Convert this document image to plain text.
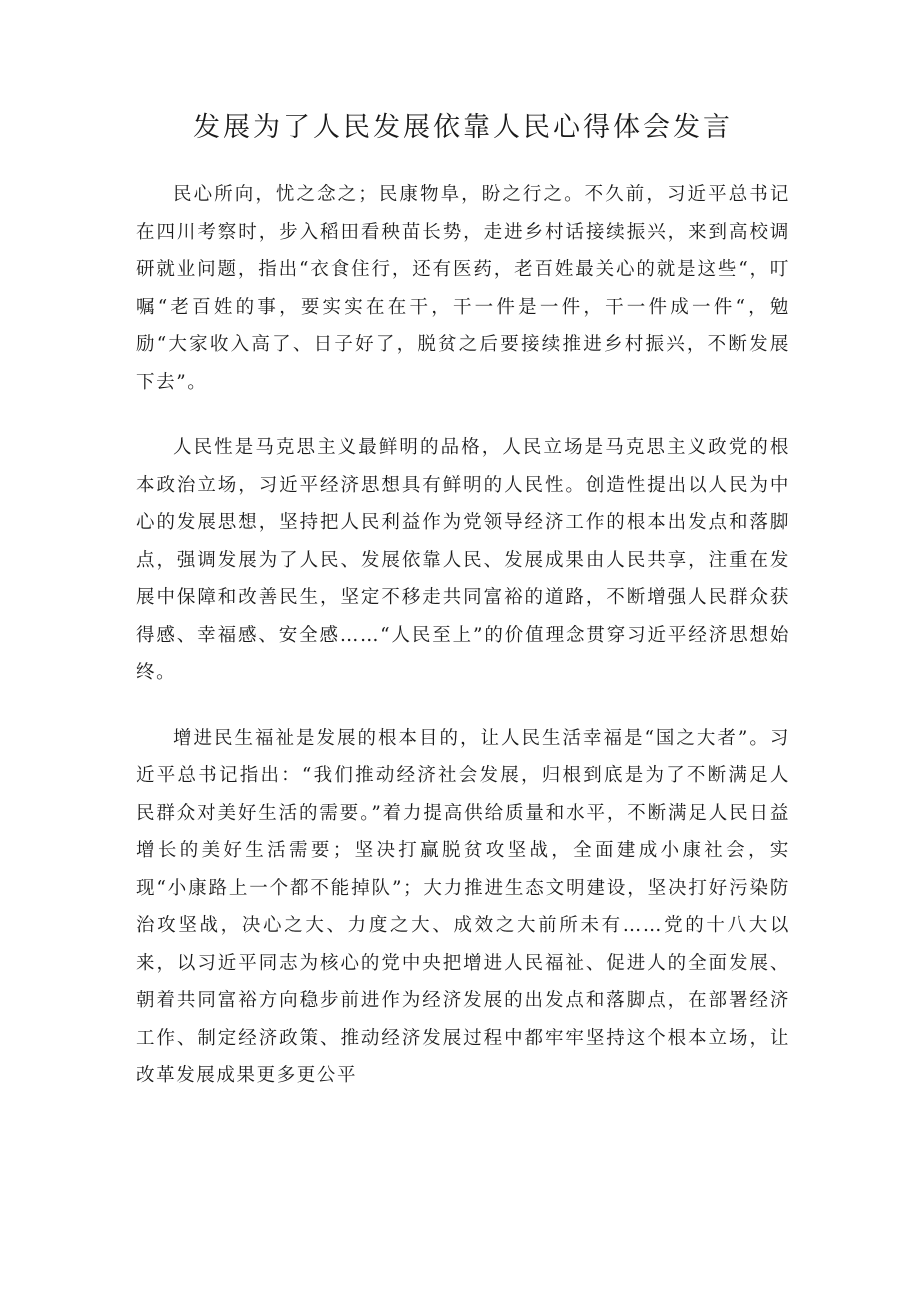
发展为了人民发展依靠人民心得体会发言

民心所向，忧之念之；民康物阜，盼之行之。不久前，习近平总书记在四川考察时，步入稻田看秧苗长势，走进乡村话接续振兴，来到高校调研就业问题，指出“衣食住行，还有医药，老百姓最关心的就是这些“，叮嘱“老百姓的事，要实实在在干，干一件是一件，干一件成一件“，勉励“大家收入高了、日子好了，脱贫之后要接续推进乡村振兴，不断发展下去”。

人民性是马克思主义最鲜明的品格，人民立场是马克思主义政党的根本政治立场，习近平经济思想具有鲜明的人民性。创造性提出以人民为中心的发展思想，坚持把人民利益作为党领导经济工作的根本出发点和落脚点，强调发展为了人民、发展依靠人民、发展成果由人民共享，注重在发展中保障和改善民生，坚定不移走共同富裕的道路，不断增强人民群众获得感、幸福感、安全感……“人民至上”的价值理念贯穿习近平经济思想始终。

增进民生福祉是发展的根本目的，让人民生活幸福是“国之大者”。习近平总书记指出：“我们推动经济社会发展，归根到底是为了不断满足人民群众对美好生活的需要。”着力提高供给质量和水平，不断满足人民日益增长的美好生活需要；坚决打赢脱贫攻坚战，全面建成小康社会，实现“小康路上一个都不能掉队”；大力推进生态文明建设，坚决打好污染防治攻坚战，决心之大、力度之大、成效之大前所未有……党的十八大以来，以习近平同志为核心的党中央把增进人民福祉、促进人的全面发展、朝着共同富裕方向稳步前进作为经济发展的出发点和落脚点，在部署经济工作、制定经济政策、推动经济发展过程中都牢牢坚持这个根本立场，让改革发展成果更多更公平
